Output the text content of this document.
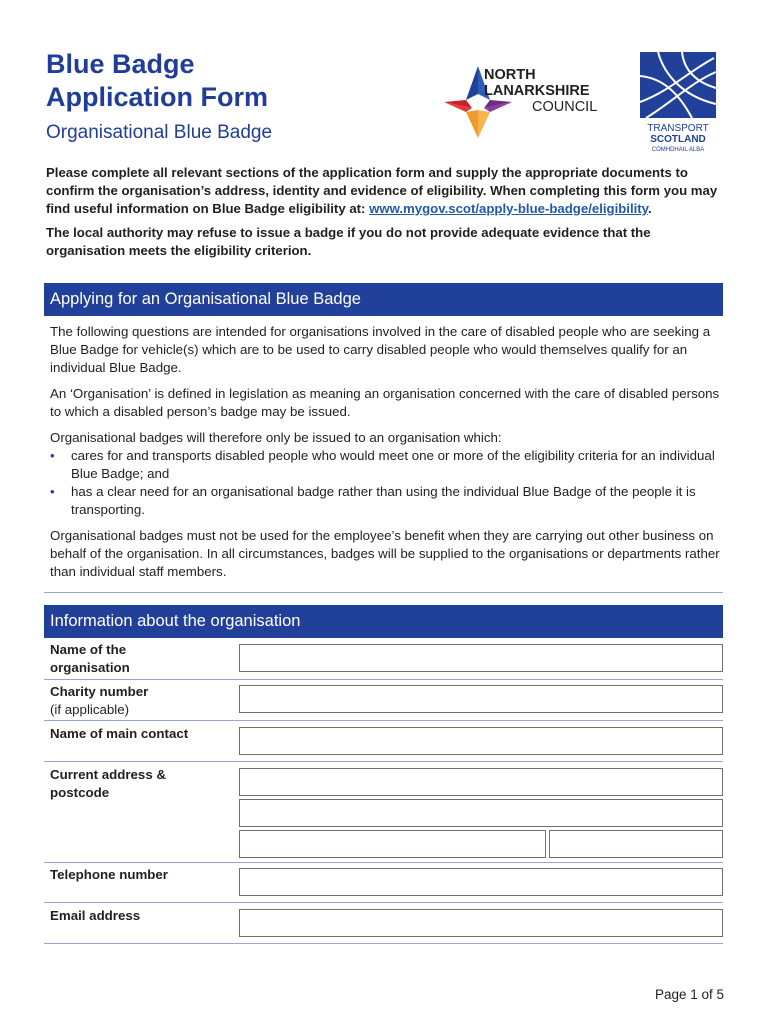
Blue Badge
Application Form
Organisational Blue Badge
NORTH
LANARKSHIRE
COUNCIL
TRANSPORT
SCOTLAND
CÒMHDHAIL ALBA

Please complete all relevant sections of the application form and supply the appropriate documents to confirm the organisation’s address, identity and evidence of eligibility. When completing this form you may find useful information on Blue Badge eligibility at: www.mygov.scot/apply-blue-badge/eligibility.

The local authority may refuse to issue a badge if you do not provide adequate evidence that the organisation meets the eligibility criterion.

Applying for an Organisational Blue Badge

The following questions are intended for organisations involved in the care of disabled people who are seeking a Blue Badge for vehicle(s) which are to be used to carry disabled people who would themselves qualify for an individual Blue Badge.

An ‘Organisation’ is defined in legislation as meaning an organisation concerned with the care of disabled persons to which a disabled person’s badge may be issued.

Organisational badges will therefore only be issued to an organisation which:

• cares for and transports disabled people who would meet one or more of the eligibility criteria for an individual Blue Badge; and
• has a clear need for an organisational badge rather than using the individual Blue Badge of the people it is transporting.

Organisational badges must not be used for the employee’s benefit when they are carrying out other business on behalf of the organisation. In all circumstances, badges will be supplied to the organisations or departments rather than individual staff members.

Information about the organisation
Name of the organisation
Charity number
(if applicable)
Name of main contact
Current address & postcode
Telephone number
Email address
Page 1 of 5
